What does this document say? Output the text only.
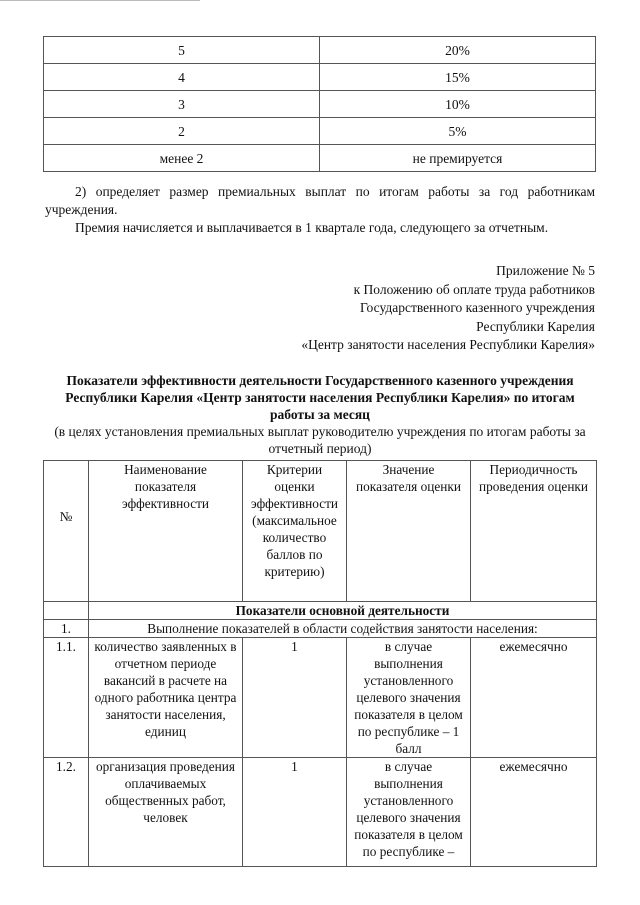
5	20%
4	15%
3	10%
2	5%
менее 2	не премируется
2) определяет размер премиальных выплат по итогам работы за год работникам учреждения.
Премия начисляется и выплачивается в 1 квартале года, следующего за отчетным.
Приложение № 5
к Положению об оплате труда работников
Государственного казенного учреждения
Республики Карелия
«Центр занятости населения Республики Карелия»
Показатели эффективности деятельности Государственного казенного учреждения Республики Карелия «Центр занятости населения Республики Карелия» по итогам работы за месяц
(в целях установления премиальных выплат руководителю учреждения по итогам работы за отчетный период)
№	Наименование показателя эффективности	Критерии оценки эффективности (максимальное количество баллов по критерию)	Значение показателя оценки	Периодичность проведения оценки
	Показатели основной деятельности			
1.	Выполнение показателей в области содействия занятости населения:			
1.1.	количество заявленных в отчетном периоде вакансий в расчете на одного работника центра занятости населения, единиц	1	в случае выполнения установленного целевого значения показателя в целом по республике – 1 балл	ежемесячно
1.2.	организация проведения оплачиваемых общественных работ, человек	1	в случае выполнения установленного целевого значения показателя в целом по республике –	ежемесячно
